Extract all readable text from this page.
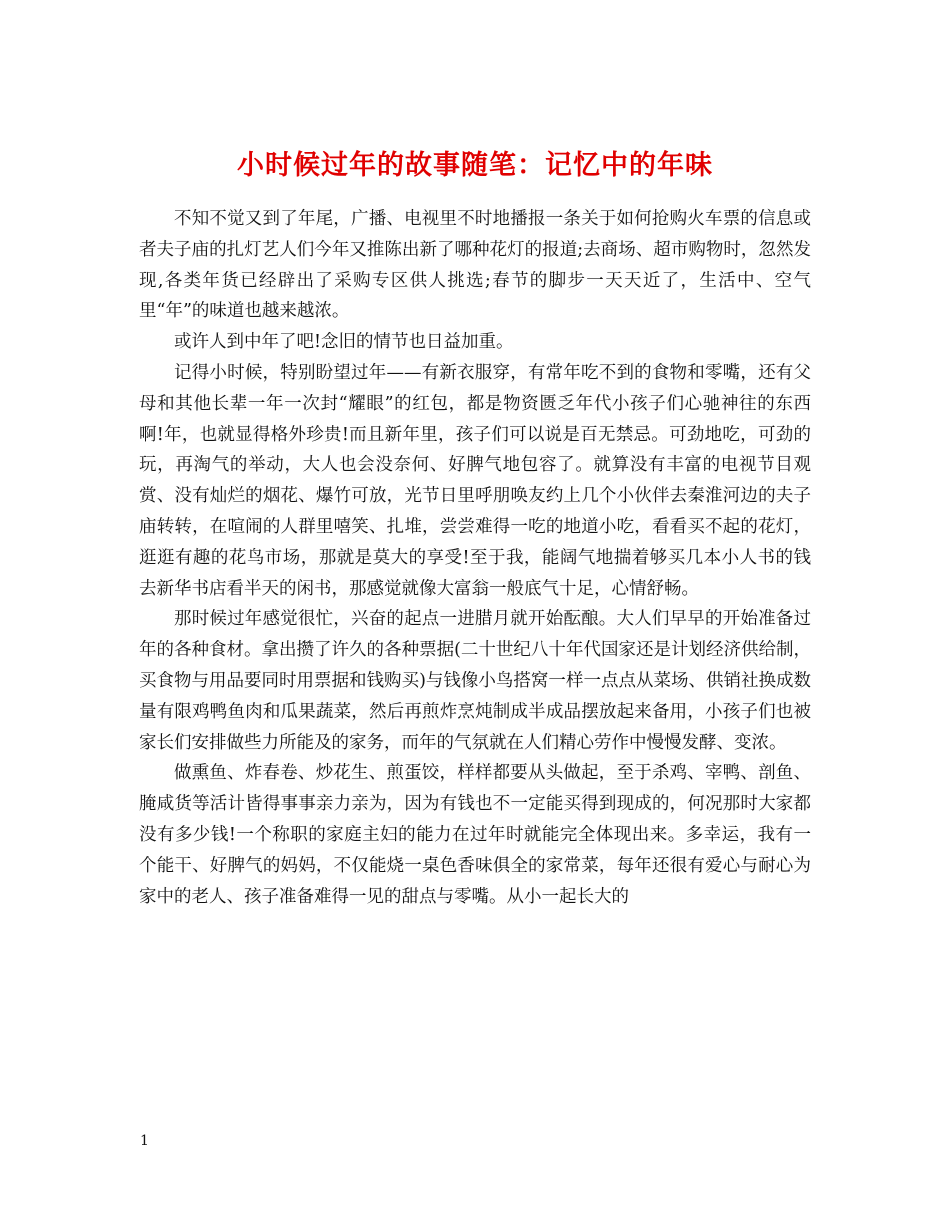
小时候过年的故事随笔：记忆中的年味

不知不觉又到了年尾，广播、电视里不时地播报一条关于如何抢购火车票的信息或者夫子庙的扎灯艺人们今年又推陈出新了哪种花灯的报道;去商场、超市购物时，忽然发现,各类年货已经辟出了采购专区供人挑选;春节的脚步一天天近了，生活中、空气里“年”的味道也越来越浓。

或许人到中年了吧!念旧的情节也日益加重。

记得小时候，特别盼望过年——有新衣服穿，有常年吃不到的食物和零嘴，还有父母和其他长辈一年一次封“耀眼”的红包，都是物资匮乏年代小孩子们心驰神往的东西啊!年，也就显得格外珍贵!而且新年里，孩子们可以说是百无禁忌。可劲地吃，可劲的玩，再淘气的举动，大人也会没奈何、好脾气地包容了。就算没有丰富的电视节目观赏、没有灿烂的烟花、爆竹可放，光节日里呼朋唤友约上几个小伙伴去秦淮河边的夫子庙转转，在喧闹的人群里嘻笑、扎堆，尝尝难得一吃的地道小吃，看看买不起的花灯，逛逛有趣的花鸟市场，那就是莫大的享受!至于我，能阔气地揣着够买几本小人书的钱去新华书店看半天的闲书，那感觉就像大富翁一般底气十足，心情舒畅。

那时候过年感觉很忙，兴奋的起点一进腊月就开始酝酿。大人们早早的开始准备过年的各种食材。拿出攒了许久的各种票据(二十世纪八十年代国家还是计划经济供给制，买食物与用品要同时用票据和钱购买)与钱像小鸟搭窝一样一点点从菜场、供销社换成数量有限鸡鸭鱼肉和瓜果蔬菜，然后再煎炸烹炖制成半成品摆放起来备用，小孩子们也被家长们安排做些力所能及的家务，而年的气氛就在人们精心劳作中慢慢发酵、变浓。

做熏鱼、炸春卷、炒花生、煎蛋饺，样样都要从头做起，至于杀鸡、宰鸭、剖鱼、腌咸货等活计皆得事事亲力亲为，因为有钱也不一定能买得到现成的，何况那时大家都没有多少钱!一个称职的家庭主妇的能力在过年时就能完全体现出来。多幸运，我有一个能干、好脾气的妈妈，不仅能烧一桌色香味俱全的家常菜，每年还很有爱心与耐心为家中的老人、孩子准备难得一见的甜点与零嘴。从小一起长大的

1
